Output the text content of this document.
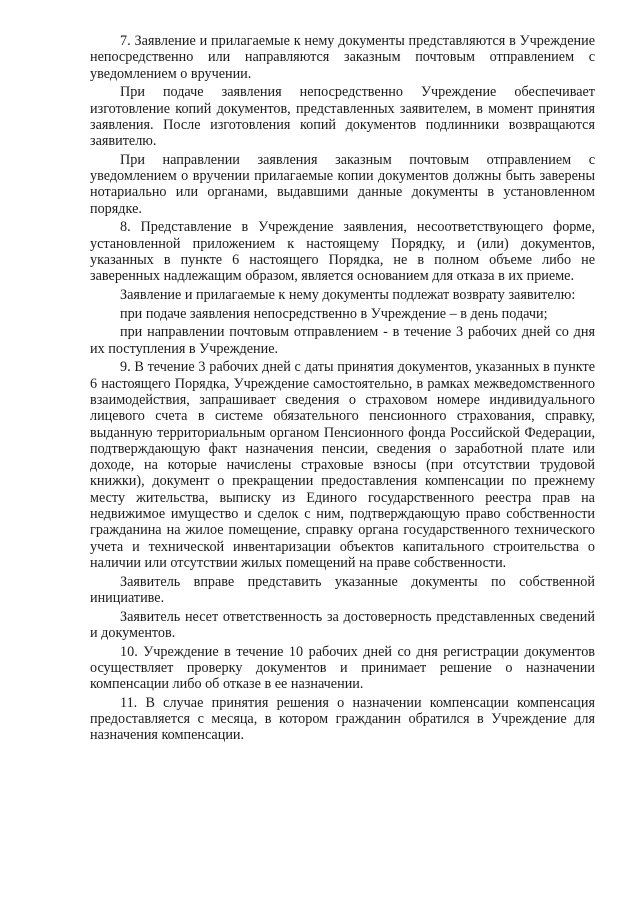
7. Заявление и прилагаемые к нему документы представляются в Учреждение непосредственно или направляются заказным почтовым отправлением с уведомлением о вручении.

При подаче заявления непосредственно Учреждение обеспечивает изготовление копий документов, представленных заявителем, в момент принятия заявления. После изготовления копий документов подлинники возвращаются заявителю.

При направлении заявления заказным почтовым отправлением с уведомлением о вручении прилагаемые копии документов должны быть заверены нотариально или органами, выдавшими данные документы в установленном порядке.

8. Представление в Учреждение заявления, несоответствующего форме, установленной приложением к настоящему Порядку, и (или) документов, указанных в пункте 6 настоящего Порядка, не в полном объеме либо не заверенных надлежащим образом, является основанием для отказа в их приеме.

Заявление и прилагаемые к нему документы подлежат возврату заявителю:

при подаче заявления непосредственно в Учреждение – в день подачи;

при направлении почтовым отправлением - в течение 3 рабочих дней со дня их поступления в Учреждение.

9. В течение 3 рабочих дней с даты принятия документов, указанных в пункте 6 настоящего Порядка, Учреждение самостоятельно, в рамках межведомственного взаимодействия, запрашивает сведения о страховом номере индивидуального лицевого счета в системе обязательного пенсионного страхования, справку, выданную территориальным органом Пенсионного фонда Российской Федерации, подтверждающую факт назначения пенсии, сведения о заработной плате или доходе, на которые начислены страховые взносы (при отсутствии трудовой книжки), документ о прекращении предоставления компенсации по прежнему месту жительства, выписку из Единого государственного реестра прав на недвижимое имущество и сделок с ним, подтверждающую право собственности гражданина на жилое помещение, справку органа государственного технического учета и технической инвентаризации объектов капитального строительства о наличии или отсутствии жилых помещений на праве собственности.

Заявитель вправе представить указанные документы по собственной инициативе.

Заявитель несет ответственность за достоверность представленных сведений и документов.

10. Учреждение в течение 10 рабочих дней со дня регистрации документов осуществляет проверку документов и принимает решение о назначении компенсации либо об отказе в ее назначении.

11. В случае принятия решения о назначении компенсации компенсация предоставляется с месяца, в котором гражданин обратился в Учреждение для назначения компенсации.
